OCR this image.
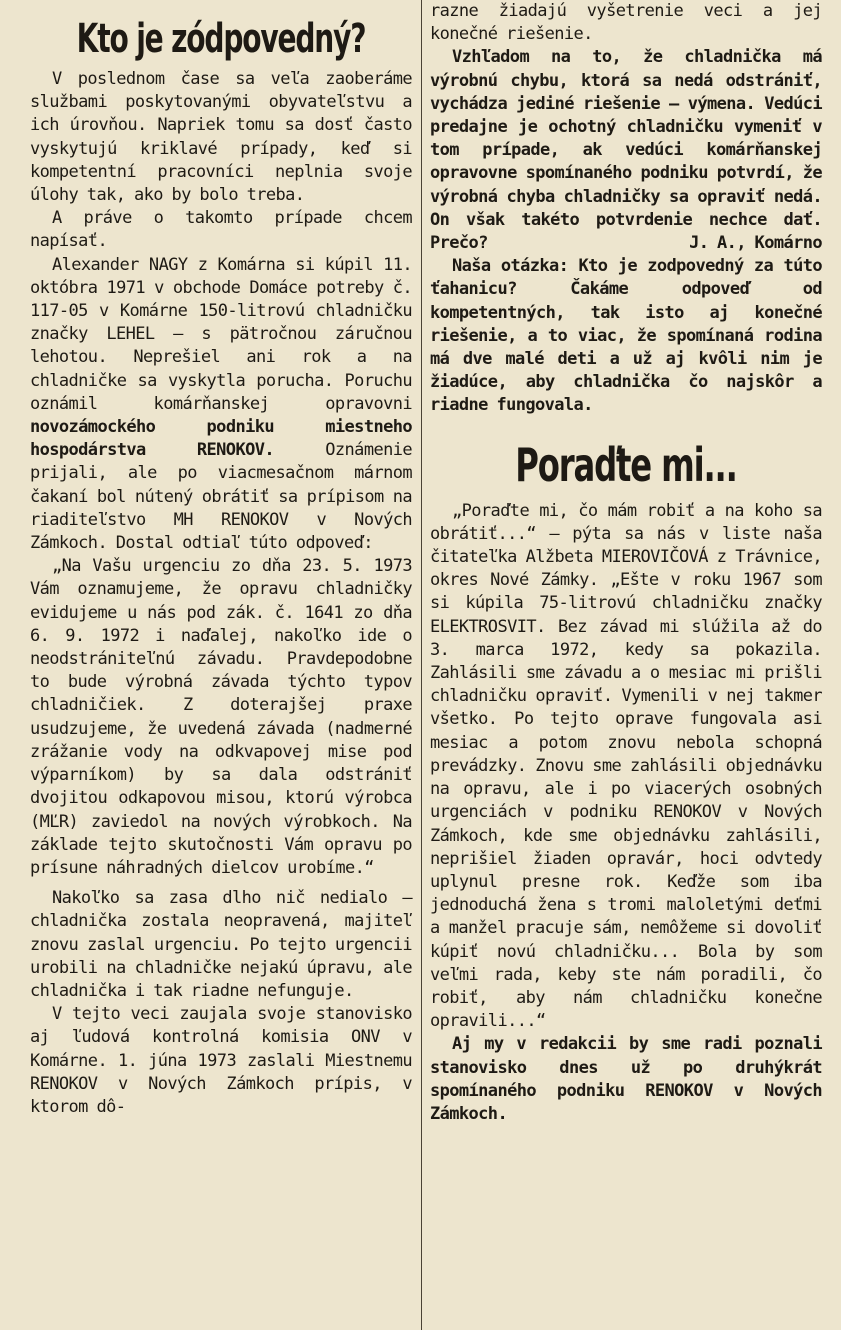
Kto je zódpovedný?

V poslednom čase sa veľa zaoberáme službami poskytovanými obyvateľstvu a ich úrovňou. Napriek tomu sa dosť často vyskytujú kriklavé prípady, keď si kompetentní pracovníci neplnia svoje úlohy tak, ako by bolo treba.

A práve o takomto prípade chcem napísať.

Alexander NAGY z Komárna si kúpil 11. októbra 1971 v obchode Domáce potreby č. 117-05 v Komárne 150-litrovú chladničku značky LEHEL — s pätročnou záručnou lehotou. Neprešiel ani rok a na chladničke sa vyskytla porucha. Poruchu oznámil komárňanskej opravovni novozámockého podniku miestneho hospodárstva RENOKOV.	Oznámenie prijali, ale po viacmesačnom márnom čakaní bol nútený obrátiť sa prípisom na riaditeľstvo MH RENOKOV v Nových Zámkoch. Dostal odtiaľ túto odpoveď:

„Na Vašu urgenciu zo dňa 23. 5. 1973 Vám oznamujeme, že opravu chladničky evidujeme u nás pod zák. č. 1641 zo dňa 6. 9. 1972 i naďalej, nakoľko ide o neodstrániteľnú závadu. Pravdepodobne to bude výrobná závada týchto typov chladničiek. Z doterajšej praxe usudzujeme, že uvedená závada (nadmerné zrážanie vody na odkvapovej mise pod výparníkom) by sa dala odstrániť dvojitou odkapovou misou, ktorú výrobca (MĽR) zaviedol na nových výrobkoch. Na základe tejto skutočnosti Vám opravu po prísune náhradných dielcov urobíme.“

Nakoľko sa zasa dlho nič nedialo — chladnička zostala neopravená, majiteľ znovu zaslal urgenciu. Po tejto urgencii urobili na chladničke nejakú úpravu, ale chladnička i tak riadne nefunguje.

V tejto veci zaujala svoje stanovisko aj ľudová kontrolná komisia ONV v Komárne. 1. júna 1973 zaslali Miestnemu RENOKOV v Nových Zámkoch prípis, v ktorom dô-

razne žiadajú vyšetrenie veci a jej konečné riešenie.

Vzhľadom na to, že chladnička má výrobnú chybu, ktorá sa nedá odstrániť, vychádza jediné riešenie — výmena. Vedúci predajne je ochotný chladničku vymeniť v tom prípade, ak vedúci komárňanskej opravovne spomínaného podniku potvrdí, že výrobná chyba chladničky sa opraviť nedá. On však takéto potvrdenie nechce dať. Prečo?	J. A., Komárno

Naša otázka: Kto je zodpovedný za túto ťahanicu? Čakáme odpoveď od kompetentných, tak isto aj konečné riešenie, a to viac, že spomínaná rodina má dve malé deti a už aj kvôli nim je žiadúce, aby chladnička čo najskôr a riadne fungovala.

Poraďte mi...

„Poraďte mi, čo mám robiť a na koho sa obrátiť...“ — pýta sa nás v liste naša čitateľka Alžbeta MIEROVIČOVÁ z Trávnice, okres Nové Zámky. „Ešte v roku 1967 som si kúpila 75-litrovú chladničku značky ELEKTROSVIT. Bez závad mi slúžila až do 3. marca 1972, kedy sa pokazila. Zahlásili sme závadu a o mesiac mi prišli chladničku opraviť. Vymenili v nej takmer všetko. Po tejto oprave fungovala asi mesiac a potom znovu nebola schopná prevádzky. Znovu sme zahlásili objednávku na opravu, ale i po viacerých osobných urgenciách v podniku RENOKOV v Nových Zámkoch, kde sme objednávku zahlásili, neprišiel žiaden opravár, hoci odvtedy uplynul presne rok. Keďže som iba jednoduchá žena s tromi maloletými deťmi a manžel pracuje sám, nemôžeme si dovoliť kúpiť novú chladničku... Bola by som veľmi rada, keby ste nám poradili, čo robiť, aby nám chladničku konečne opravili...“

Aj my v redakcii by sme radi poznali stanovisko dnes už po druhýkrát spomínaného podniku RENOKOV v Nových Zámkoch.
